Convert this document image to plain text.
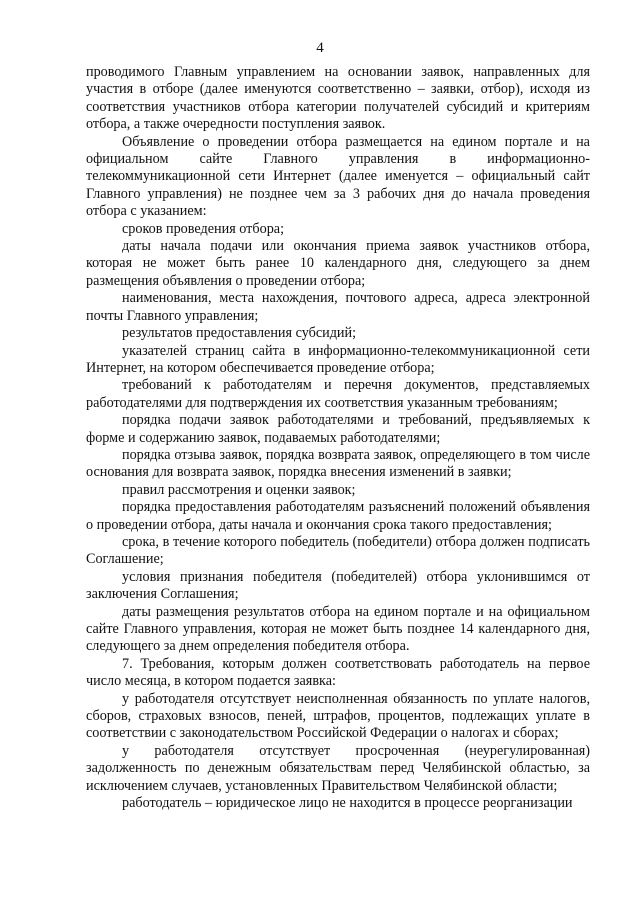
4

проводимого Главным управлением на основании заявок, направленных для участия в отборе (далее именуются соответственно – заявки, отбор), исходя из соответствия участников отбора категории получателей субсидий и критериям отбора, а также очередности поступления заявок.

Объявление о проведении отбора размещается на едином портале и на официальном сайте Главного управления в информационно-телекоммуникационной сети Интернет (далее именуется – официальный сайт Главного управления) не позднее чем за 3 рабочих дня до начала проведения отбора с указанием:

сроков проведения отбора;

даты начала подачи или окончания приема заявок участников отбора, которая не может быть ранее 10 календарного дня, следующего за днем размещения объявления о проведении отбора;

наименования, места нахождения, почтового адреса, адреса электронной почты Главного управления;

результатов предоставления субсидий;

указателей страниц сайта в информационно-телекоммуникационной сети Интернет, на котором обеспечивается проведение отбора;

требований к работодателям и перечня документов, представляемых работодателями для подтверждения их соответствия указанным требованиям;

порядка подачи заявок работодателями и требований, предъявляемых к форме и содержанию заявок, подаваемых работодателями;

порядка отзыва заявок, порядка возврата заявок, определяющего в том числе основания для возврата заявок, порядка внесения изменений в заявки;

правил рассмотрения и оценки заявок;

порядка предоставления работодателям разъяснений положений объявления о проведении отбора, даты начала и окончания срока такого предоставления;

срока, в течение которого победитель (победители) отбора должен подписать Соглашение;

условия признания победителя (победителей) отбора уклонившимся от заключения Соглашения;

даты размещения результатов отбора на едином портале и на официальном сайте Главного управления, которая не может быть позднее 14 календарного дня, следующего за днем определения победителя отбора.

7. Требования, которым должен соответствовать работодатель на первое число месяца, в котором подается заявка:

у работодателя отсутствует неисполненная обязанность по уплате налогов, сборов, страховых взносов, пеней, штрафов, процентов, подлежащих уплате в соответствии с законодательством Российской Федерации о налогах и сборах;

у работодателя отсутствует просроченная (неурегулированная) задолженность по денежным обязательствам перед Челябинской областью, за исключением случаев, установленных Правительством Челябинской области;

работодатель – юридическое лицо не находится в процессе реорганизации
